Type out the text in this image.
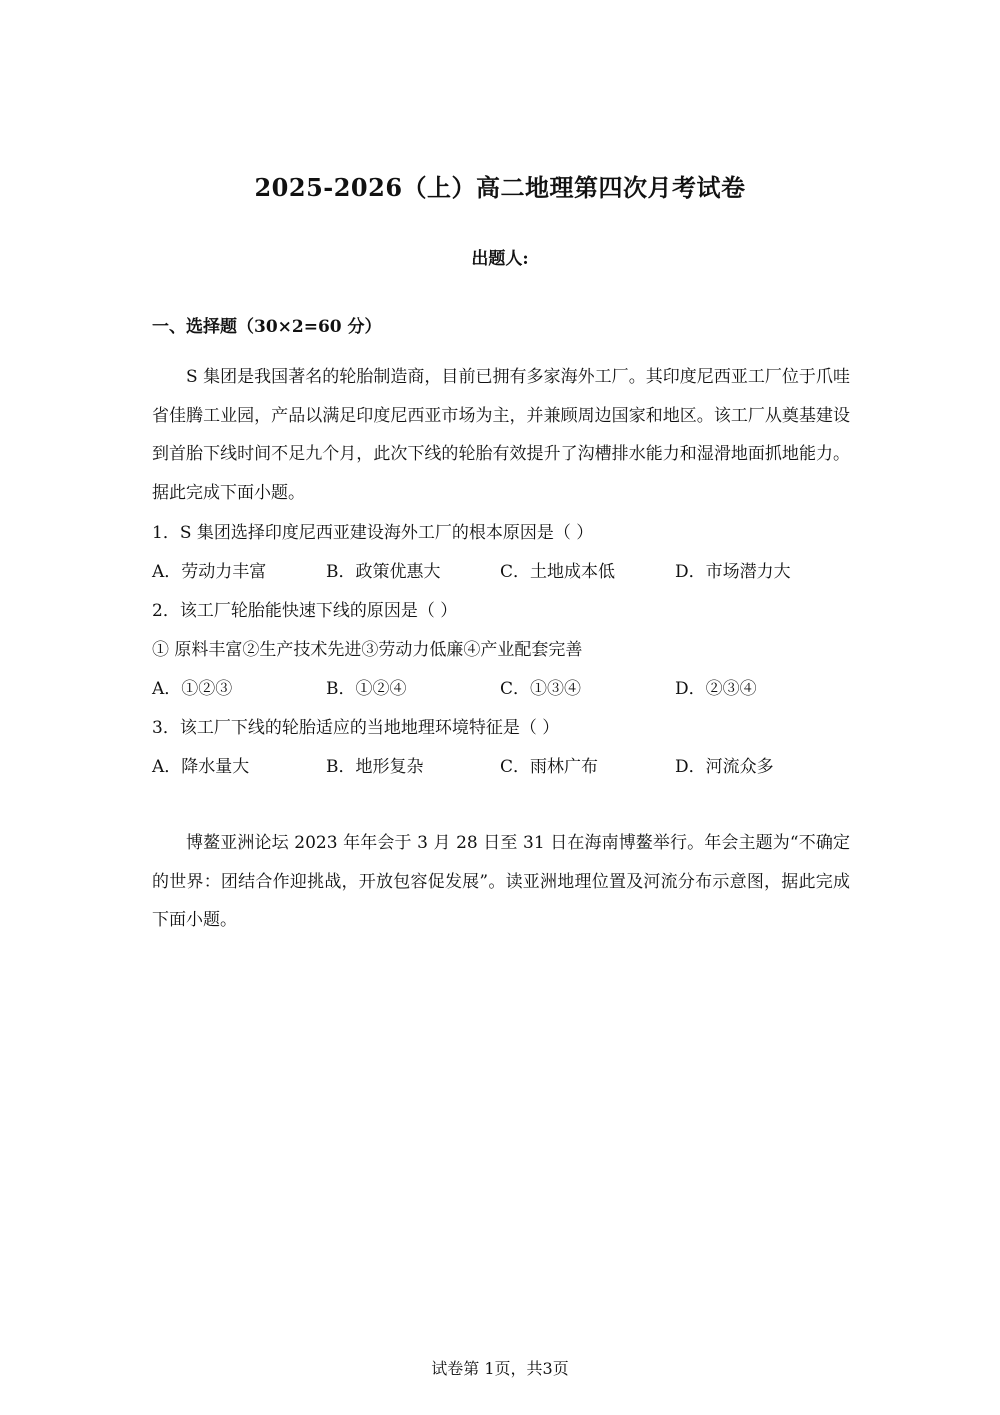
2025-2026（上）高二地理第四次月考试卷
出题人:
一、选择题（30×2=60 分）
S 集团是我国著名的轮胎制造商，目前已拥有多家海外工厂。其印度尼西亚工厂位于爪哇省佳腾工业园，产品以满足印度尼西亚市场为主，并兼顾周边国家和地区。该工厂从奠基建设到首胎下线时间不足九个月，此次下线的轮胎有效提升了沟槽排水能力和湿滑地面抓地能力。据此完成下面小题。
1．S 集团选择印度尼西亚建设海外工厂的根本原因是（ ）
A．劳动力丰富	B．政策优惠大	C．土地成本低	D．市场潜力大
2．该工厂轮胎能快速下线的原因是（ ）
① 原料丰富②生产技术先进③劳动力低廉④产业配套完善
A．①②③	B．①②④	C．①③④	D．②③④
3．该工厂下线的轮胎适应的当地地理环境特征是（ ）
A．降水量大	B．地形复杂	C．雨林广布	D．河流众多
博鳌亚洲论坛 2023 年年会于 3 月 28 日至 31 日在海南博鳌举行。年会主题为“不确定的世界：团结合作迎挑战，开放包容促发展”。读亚洲地理位置及河流分布示意图，据此完成下面小题。
试卷第 1页，共3页
